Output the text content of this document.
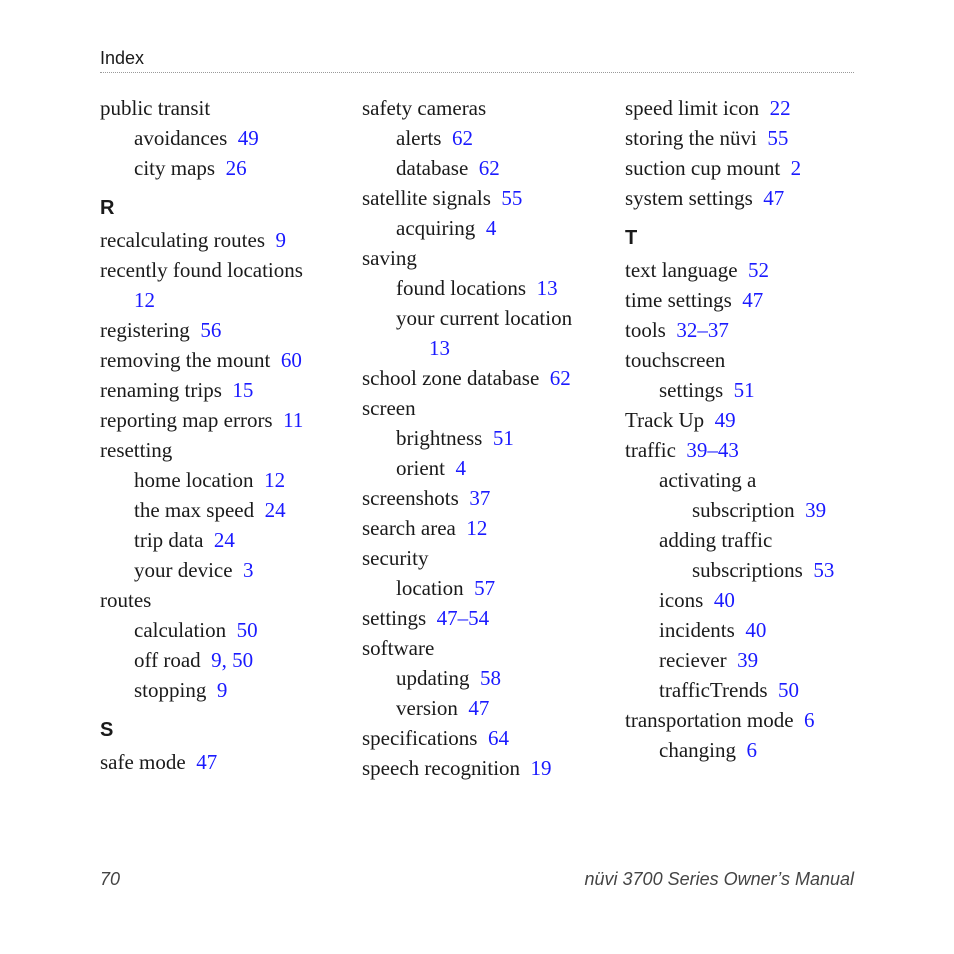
Index
public transit
avoidances 49
city maps 26
R
recalculating routes 9
recently found locations
12
registering 56
removing the mount 60
renaming trips 15
reporting map errors 11
resetting
home location 12
the max speed 24
trip data 24
your device 3
routes
calculation 50
off road 9, 50
stopping 9
S
safe mode 47
safety cameras
alerts 62
database 62
satellite signals 55
acquiring 4
saving
found locations 13
your current location
13
school zone database 62
screen
brightness 51
orient 4
screenshots 37
search area 12
security
location 57
settings 47–54
software
updating 58
version 47
specifications 64
speech recognition 19
speed limit icon 22
storing the nüvi 55
suction cup mount 2
system settings 47
T
text language 52
time settings 47
tools 32–37
touchscreen
settings 51
Track Up 49
traffic 39–43
activating a
subscription 39
adding traffic
subscriptions 53
icons 40
incidents 40
reciever 39
trafficTrends 50
transportation mode 6
changing 6
70	nüvi 3700 Series Owner’s Manual
